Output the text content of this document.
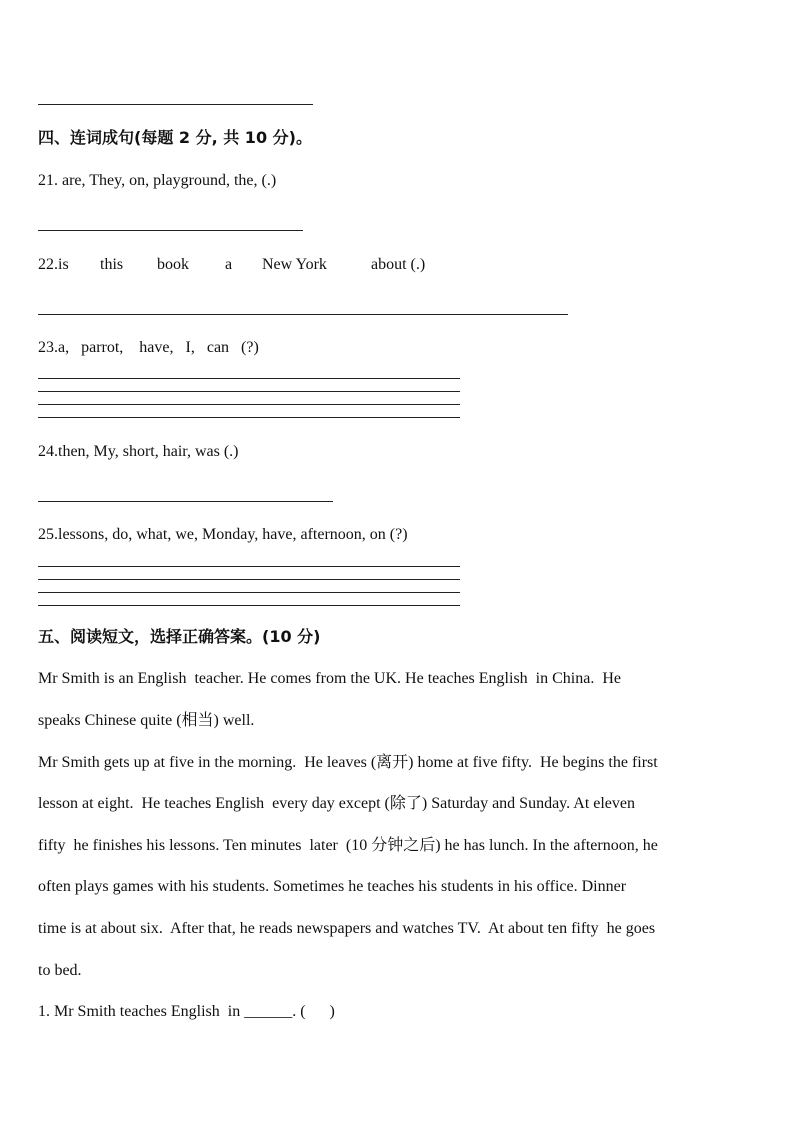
四、连词成句(每题 2 分, 共 10 分)。
21. are, They, on, playground, the, (.)
22.is this book a New York	about (.)
23.a,   parrot,    have,   I,   can   (?)
24.then, My, short, hair, was (.)
25.lessons, do, what, we, Monday, have, afternoon, on (?)
五、阅读短文，选择正确答案。(10 分)
Mr Smith is an English  teacher. He comes from the UK. He teaches English  in China.  He
speaks Chinese quite (相当) well.
Mr Smith gets up at five in the morning.  He leaves (离开) home at five fifty.  He begins the first
lesson at eight.  He teaches English  every day except (除了) Saturday and Sunday. At eleven
fifty  he finishes his lessons. Ten minutes  later  (10 分钟之后) he has lunch. In the afternoon, he
often plays games with his students. Sometimes he teaches his students in his office. Dinner
time is at about six.  After that, he reads newspapers and watches TV.  At about ten fifty  he goes
to bed.
1. Mr Smith teaches English  in ______. (      )
